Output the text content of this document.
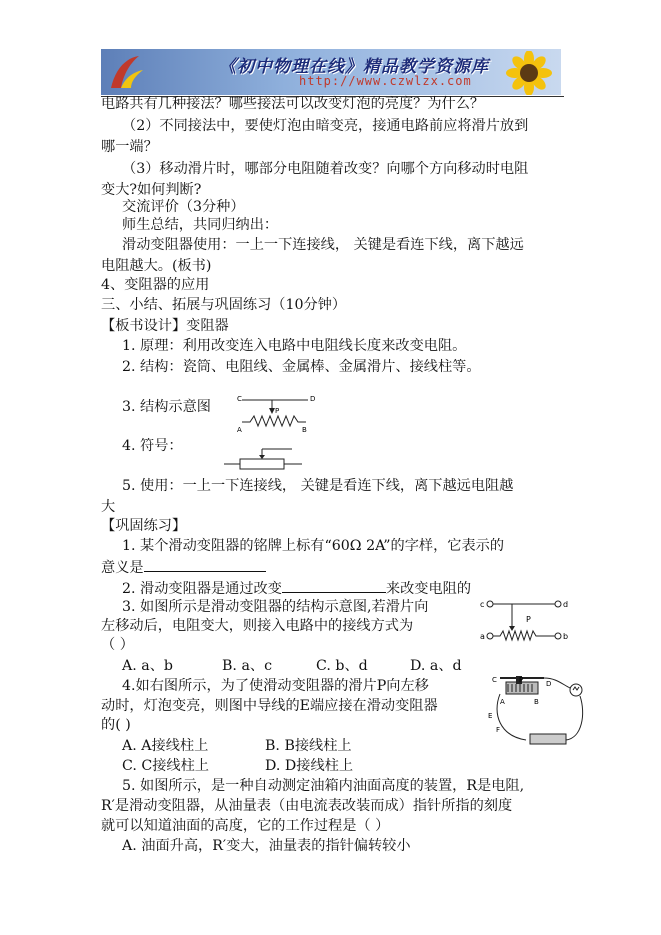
《初中物理在线》精品教学资源库
http://www.czwlzx.com
电路共有几种接法？哪些接法可以改变灯泡的亮度？为什么？
（2）不同接法中，要使灯泡由暗变亮，接通电路前应将滑片放到
哪一端？
（3）移动滑片时，哪部分电阻随着改变？向哪个方向移动时电阻
变大?如何判断?
交流评价（3分种）
师生总结，共同归纳出：
滑动变阻器使用：一上一下连接线， 关键是看连下线，离下越远
电阻越大。(板书)
4、变阻器的应用
三、小结、拓展与巩固练习（10分钟）
【板书设计】变阻器
1. 原理：利用改变连入电路中电阻线长度来改变电阻。
2. 结构：瓷筒、电阻线、金属棒、金属滑片、接线柱等。
3. 结构示意图	C	D
P
A	B
4. 符号：
5. 使用：一上一下连接线， 关键是看连下线，离下越远电阻越
大
【巩固练习】
1. 某个滑动变阻器的铭牌上标有“60Ω 2A”的字样，它表示的
意义是
2. 滑动变阻器是通过改变	来改变电阻的
3. 如图所示是滑动变阻器的结构示意图,若滑片向
左移动后，电阻变大，则接入电路中的接线方式为
（ ）
c	d
P
a	b
A. a、b	B. a、c	C. b、d	D. a、d
4.如右图所示，为了使滑动变阻器的滑片P向左移
动时，灯泡变亮，则图中导线的E端应接在滑动变阻器
的( )
A	B
C	D
P
E
F
A. A接线柱上	B. B接线柱上
C. C接线柱上	D. D接线柱上
5. 如图所示，是一种自动测定油箱内油面高度的装置，R是电阻,
R′是滑动变阻器，从油量表（由电流表改装而成）指针所指的刻度
就可以知道油面的高度，它的工作过程是（ ）
A. 油面升高，R′变大，油量表的指针偏转较小
